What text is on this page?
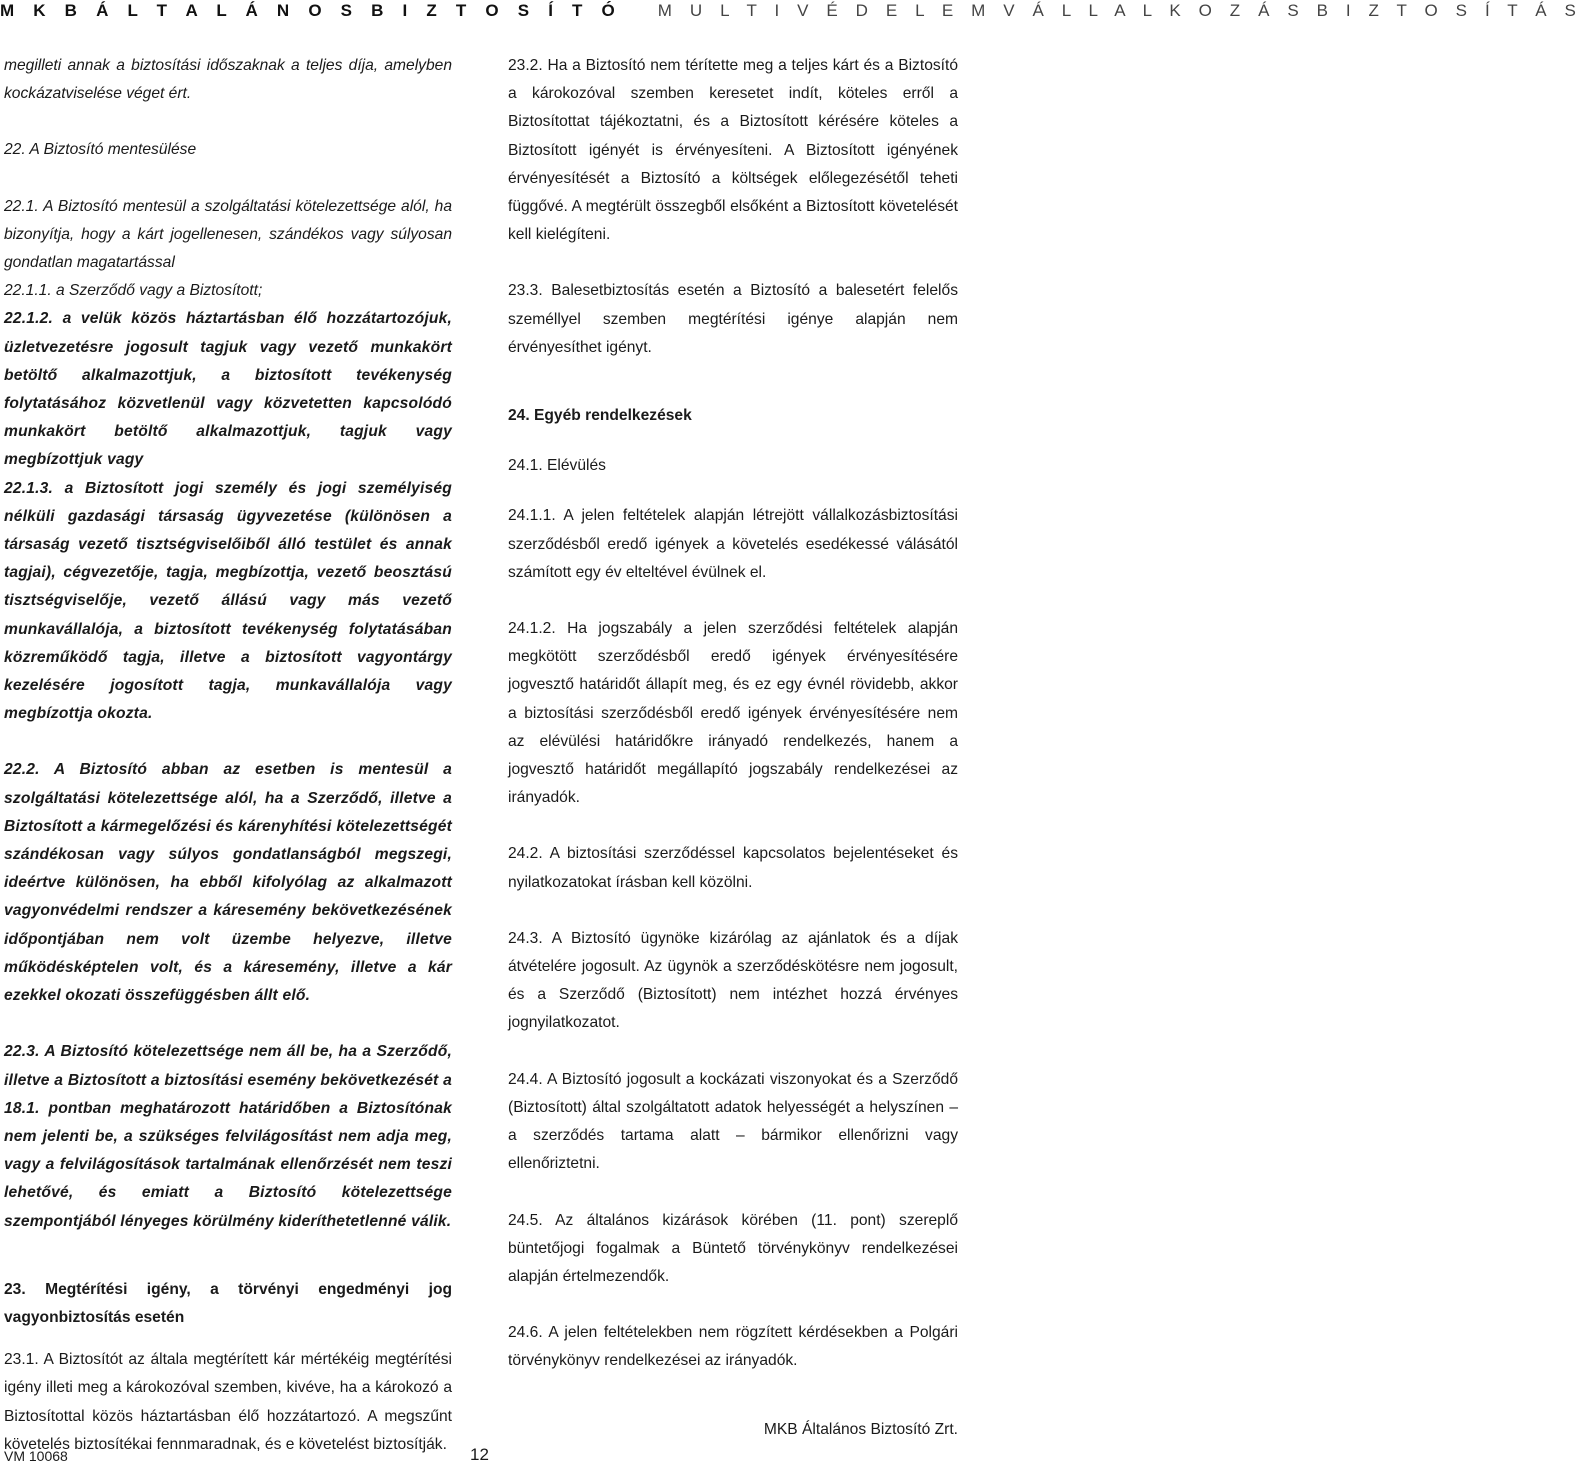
M K B Á L T A L Á N O S B I Z T O S Í T Ó M U L T I V É D E L E M V Á L L A L K O Z Á S B I Z T O S Í T Á S

megilleti annak a biztosítási időszaknak a teljes díja, amelyben kockázatviselése véget ért.

22. A Biztosító mentesülése

22.1. A Biztosító mentesül a szolgáltatási kötelezettsége alól, ha bizonyítja, hogy a kárt jogellenesen, szándékos vagy súlyosan gondatlan magatartással

22.1.1. a Szerződő vagy a Biztosított;

22.1.2. a velük közös háztartásban élő hozzátartozójuk, üzletvezetésre jogosult tagjuk vagy vezető munkakört betöltő alkalmazottjuk, a biztosított tevékenység folytatásához közvetlenül vagy közvetetten kapcsolódó munkakört betöltő alkalmazottjuk, tagjuk vagy megbízottjuk vagy

22.1.3. a Biztosított jogi személy és jogi személyiség nélküli gazdasági társaság ügyvezetése (különösen a társaság vezető tisztségviselőiből álló testület és annak tagjai), cégvezetője, tagja, megbízottja, vezető beosztású tisztségviselője, vezető állású vagy más vezető munkavállalója, a biztosított tevékenység folytatásában közreműködő tagja, illetve a biztosított vagyontárgy kezelésére jogosított tagja, munkavállalója vagy megbízottja okozta.

22.2. A Biztosító abban az esetben is mentesül a szolgáltatási kötelezettsége alól, ha a Szerződő, illetve a Biztosított a kármegelőzési és kárenyhítési kötelezettségét szándékosan vagy súlyos gondatlanságból megszegi, ideértve különösen, ha ebből kifolyólag az alkalmazott vagyonvédelmi rendszer a káresemény bekövetkezésének időpontjában nem volt üzembe helyezve, illetve működésképtelen volt, és a káresemény, illetve a kár ezekkel okozati összefüggésben állt elő.

22.3. A Biztosító kötelezettsége nem áll be, ha a Szerződő, illetve a Biztosított a biztosítási esemény bekövetkezését a 18.1. pontban meghatározott határidőben a Biztosítónak nem jelenti be, a szükséges felvilágosítást nem adja meg, vagy a felvilágosítások tartalmának ellenőrzését nem teszi lehetővé, és emiatt a Biztosító kötelezettsége szempontjából lényeges körülmény kideríthetetlenné válik.

23. Megtérítési igény, a törvényi engedményi jog vagyonbiztosítás esetén

23.1. A Biztosítót az általa megtérített kár mértékéig megtérítési igény illeti meg a károkozóval szemben, kivéve, ha a károkozó a Biztosítottal közös háztartásban élő hozzátartozó. A megszűnt követelés biztosítékai fennmaradnak, és e követelést biztosítják.

23.2. Ha a Biztosító nem térítette meg a teljes kárt és a Biztosító a károkozóval szemben keresetet indít, köteles erről a Biztosítottat tájékoztatni, és a Biztosított kérésére köteles a Biztosított igényét is érvényesíteni. A Biztosított igényének érvényesítését a Biztosító a költségek előlegezésétől teheti függővé. A megtérült összegből elsőként a Biztosított követelését kell kielégíteni.

23.3. Balesetbiztosítás esetén a Biztosító a balesetért felelős személlyel szemben megtérítési igénye alapján nem érvényesíthet igényt.

24. Egyéb rendelkezések

24.1. Elévülés

24.1.1. A jelen feltételek alapján létrejött vállalkozásbiztosítási szerződésből eredő igények a követelés esedékessé válásától számított egy év elteltével évülnek el.

24.1.2. Ha jogszabály a jelen szerződési feltételek alapján megkötött szerződésből eredő igények érvényesítésére jogvesztő határidőt állapít meg, és ez egy évnél rövidebb, akkor a biztosítási szerződésből eredő igények érvényesítésére nem az elévülési határidőkre irányadó rendelkezés, hanem a jogvesztő határidőt megállapító jogszabály rendelkezései az irányadók.

24.2. A biztosítási szerződéssel kapcsolatos bejelentéseket és nyilatkozatokat írásban kell közölni.

24.3. A Biztosító ügynöke kizárólag az ajánlatok és a díjak átvételére jogosult. Az ügynök a szerződéskötésre nem jogosult, és a Szerződő (Biztosított) nem intézhet hozzá érvényes jognyilatkozatot.

24.4. A Biztosító jogosult a kockázati viszonyokat és a Szerződő (Biztosított) által szolgáltatott adatok helyességét a helyszínen – a szerződés tartama alatt – bármikor ellenőrizni vagy ellenőriztetni.

24.5. Az általános kizárások körében (11. pont) szereplő büntetőjogi fogalmak a Büntető törvénykönyv rendelkezései alapján értelmezendők.

24.6. A jelen feltételekben nem rögzített kérdésekben a Polgári törvénykönyv rendelkezései az irányadók.

MKB Általános Biztosító Zrt.

VM 10068	12
